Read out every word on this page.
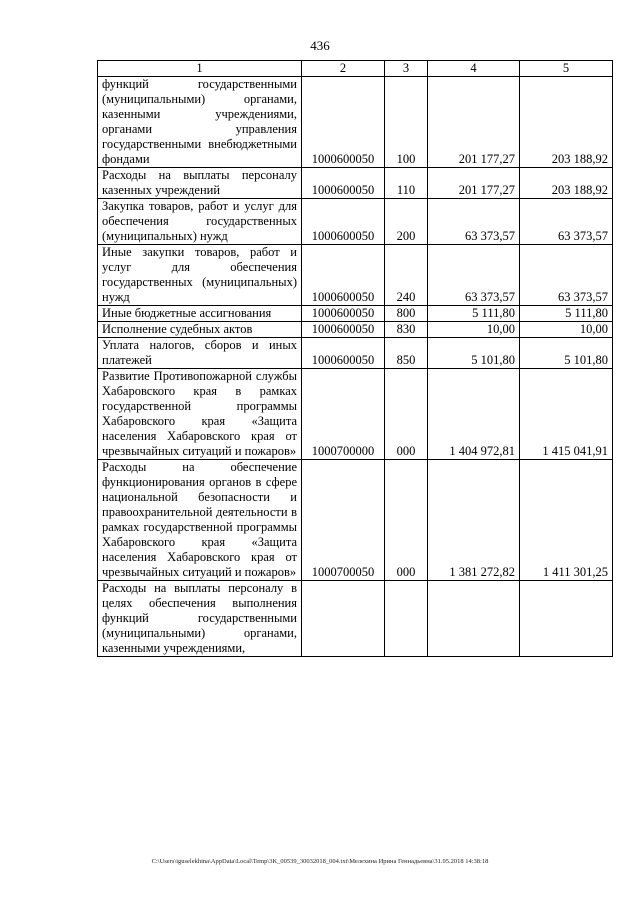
436
1	2	3	4	5

функций государственными (муниципальными) органами, казенными учреждениями, органами управления государственными внебюджетными фондами	1000600050	100	201 177,27	203 188,92

Расходы на выплаты персоналу казенных учреждений	1000600050	110	201 177,27	203 188,92

Закупка товаров, работ и услуг для обеспечения государственных (муниципальных) нужд	1000600050	200	63 373,57	63 373,57

Иные закупки товаров, работ и услуг для обеспечения государственных (муниципальных) нужд	1000600050	240	63 373,57	63 373,57

Иные бюджетные ассигнования	1000600050	800	5 111,80	5 111,80

Исполнение судебных актов	1000600050	830	10,00	10,00

Уплата налогов, сборов и иных платежей	1000600050	850	5 101,80	5 101,80

Развитие Противопожарной службы Хабаровского края в рамках государственной программы Хабаровского края «Защита населения Хабаровского края от чрезвычайных ситуаций и пожаров»	1000700000	000	1 404 972,81	1 415 041,91

Расходы на обеспечение функционирования органов в сфере национальной безопасности и правоохранительной деятельности в рамках государственной программы Хабаровского края «Защита населения Хабаровского края от чрезвычайных ситуаций и пожаров»	1000700050	000	1 381 272,82	1 411 301,25

Расходы на выплаты персоналу в целях обеспечения выполнения функций государственными (муниципальными) органами, казенными учреждениями,				

C:\Users\iguselekhina\AppData\Local\Temp\3K_00539_30032018_004.txt\Мелехина Ирина Геннадьевна\31.05.2018 14:38:18
